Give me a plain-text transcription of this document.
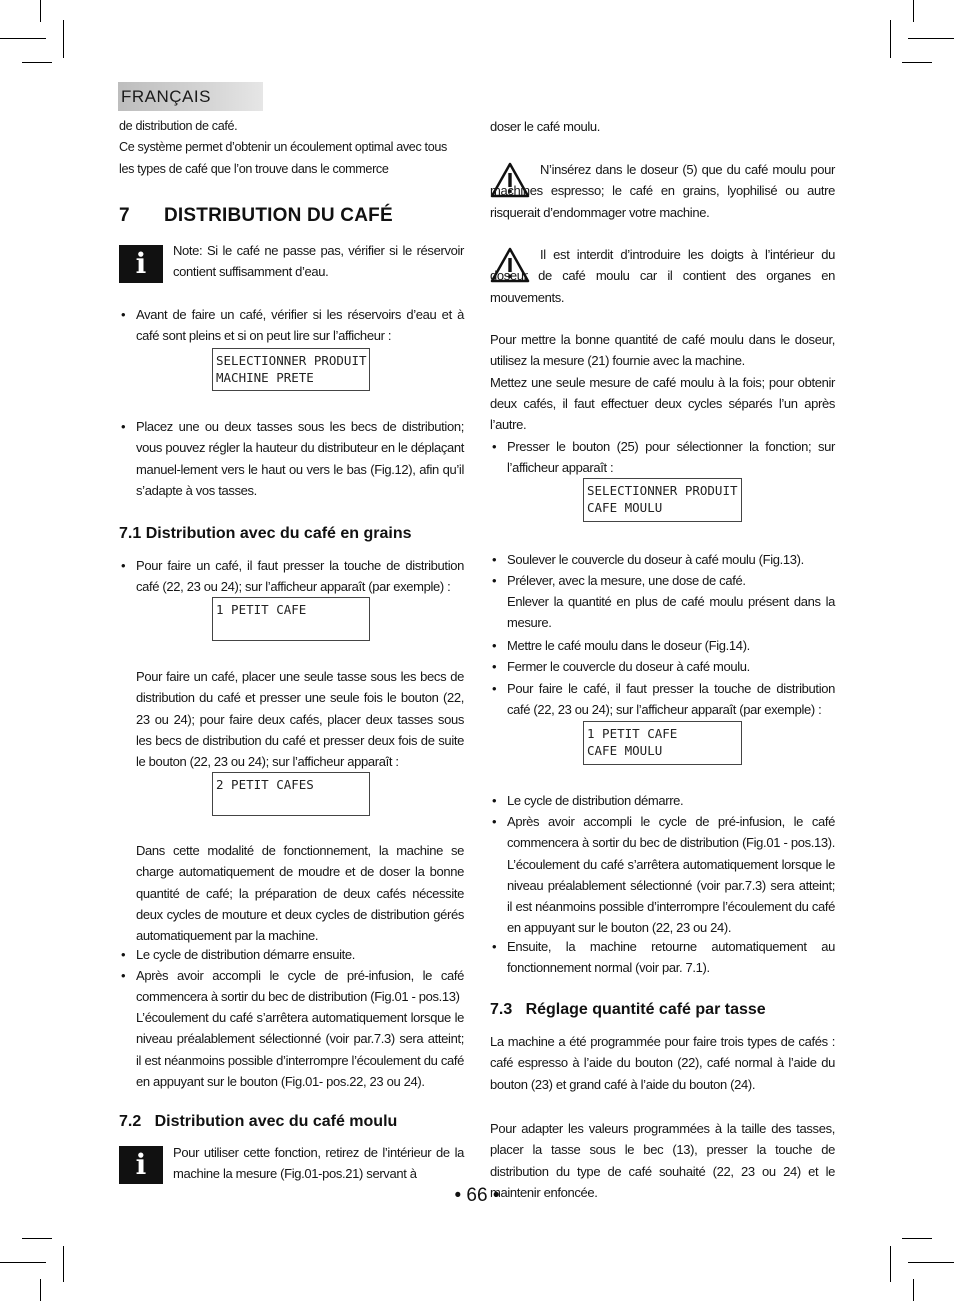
FRANÇAIS

de distribution de café.
Ce système permet d’obtenir un écoulement optimal avec tous les types de café que l’on trouve dans le commerce

7 DISTRIBUTION DU CAFÉ
i	Note: Si le café ne passe pas, vérifier si le réservoir contient suffisamment d’eau.

• Avant de faire un café, vérifier si les réservoirs d’eau et à café sont pleins et si on peut lire sur l’afficheur :

SELECTIONNER PRODUIT
MACHINE PRETE
• Placez une ou deux tasses sous les becs de distribution; vous pouvez régler la hauteur du distributeur en le déplaçant manuel-lement vers le haut ou vers le bas (Fig.12), afin qu’il s’adapte à vos tasses.

7.1 Distribution avec du café en grains
• Pour faire un café, il faut presser la touche de distribution café (22, 23 ou 24); sur l’afficheur apparaît (par exemple) :

1 PETIT CAFE

Pour faire un café, placer une seule tasse sous les becs de distribution du café et presser une seule fois le bouton (22, 23 ou 24); pour faire deux cafés, placer deux tasses sous les becs de distribution du café et presser deux fois de suite le bouton (22, 23 ou 24); sur l’afficheur apparaît :

2 PETIT CAFES

Dans cette modalité de fonctionnement, la machine se charge automatiquement de moudre et de doser la bonne quantité de café; la préparation de deux cafés nécessite deux cycles de mouture et deux cycles de distribution gérés automatiquement par la machine.

• Le cycle de distribution démarre ensuite.

• Après avoir accompli le cycle de pré-infusion, le café commencera à sortir du bec de distribution (Fig.01 - pos.13)

L’écoulement du café s’arrêtera automatiquement lorsque le niveau préalablement sélectionné (voir par.7.3) sera atteint; il est néanmoins possible d’interrompre l’écoulement du café en appuyant sur le bouton (Fig.01- pos.22, 23 ou 24).

7.2   Distribution avec du café moulu
i	Pour utiliser cette fonction, retirez de l’intérieur de la machine la mesure (Fig.01-pos.21) servant à

doser le café moulu.

N’insérez dans le doseur (5) que du café moulu pour machines espresso; le café en grains, lyophilisé ou autre risquerait d’endommager votre machine.

Il est interdit d’introduire les doigts à l’intérieur du doseur de café moulu car il contient des organes en mouvements.

Pour mettre la bonne quantité de café moulu dans le doseur, utilisez la mesure (21) fournie avec la machine.
Mettez une seule mesure de café moulu à la fois; pour obtenir deux cafés, il faut effectuer deux cycles séparés l’un après l’autre.

• Presser le bouton (25) pour sélectionner la fonction; sur l’afficheur apparaît :

SELECTIONNER PRODUIT
CAFE MOULU
• Soulever le couvercle du doseur à café moulu (Fig.13).

• Prélever, avec la mesure, une dose de café.

Enlever la quantité en plus de café moulu présent dans la mesure.

• Mettre le café moulu dans le doseur (Fig.14).

• Fermer le couvercle du doseur à café moulu.

• Pour faire le café, il faut presser la touche de distribution café (22, 23 ou 24); sur l’afficheur apparaît (par exemple) :

1 PETIT CAFE
CAFE MOULU
• Le cycle de distribution démarre.

• Après avoir accompli le cycle de pré-infusion, le café commencera à sortir du bec de distribution (Fig.01 - pos.13). L’écoulement du café s’arrêtera automatiquement lorsque le niveau préalablement sélectionné (voir par.7.3) sera atteint; il est néanmoins possible d’interrompre l’écoulement du café en appuyant sur le bouton (22, 23 ou 24).

• Ensuite, la machine retourne automatiquement au fonctionnement normal (voir par. 7.1).

7.3   Réglage quantité café par tasse

La machine a été programmée pour faire trois types de cafés : café espresso à l’aide du bouton (22), café normal à l’aide du bouton (23) et grand café à l’aide du bouton (24).

Pour adapter les valeurs programmées à la taille des tasses, placer la tasse sous le bec (13), presser la touche de distribution du type de café souhaité (22, 23 ou 24) et le maintenir enfoncée.

• 66 •
